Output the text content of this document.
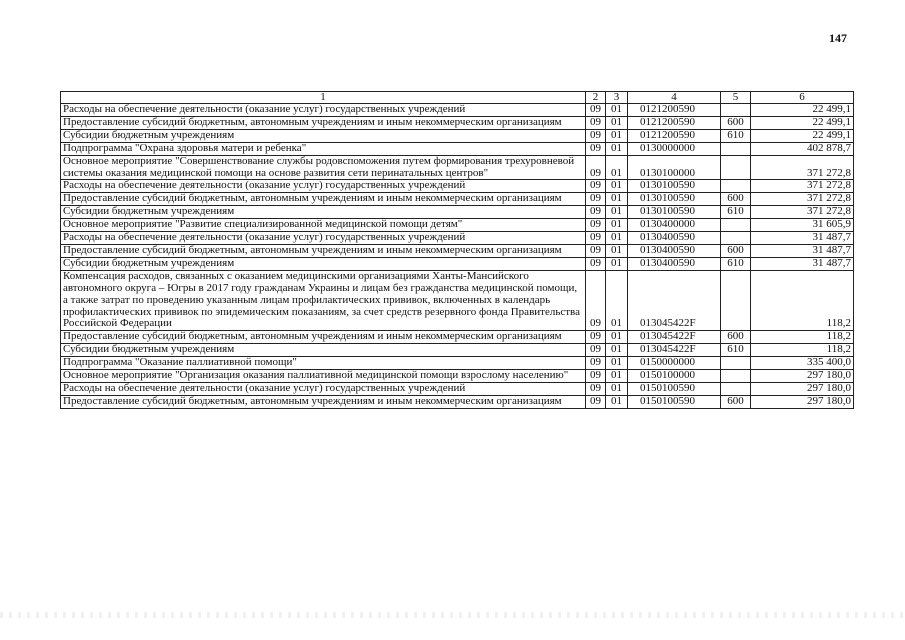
147
1	2	3	4	5	6
Расходы на обеспечение деятельности (оказание услуг) государственных учреждений	09	01	0121200590		22 499,1
Предоставление субсидий бюджетным, автономным учреждениям и иным некоммерческим организациям	09	01	0121200590	600	22 499,1
Субсидии бюджетным учреждениям	09	01	0121200590	610	22 499,1
Подпрограмма "Охрана здоровья матери и ребенка"	09	01	0130000000		402 878,7
Основное мероприятие "Совершенствование службы родовспоможения путем формирования трехуровневой системы оказания медицинской помощи на основе развития сети перинатальных центров"	09	01	0130100000		371 272,8
Расходы на обеспечение деятельности (оказание услуг) государственных учреждений	09	01	0130100590		371 272,8
Предоставление субсидий бюджетным, автономным учреждениям и иным некоммерческим организациям	09	01	0130100590	600	371 272,8
Субсидии бюджетным учреждениям	09	01	0130100590	610	371 272,8
Основное мероприятие "Развитие специализированной медицинской помощи детям"	09	01	0130400000		31 605,9
Расходы на обеспечение деятельности (оказание услуг) государственных учреждений	09	01	0130400590		31 487,7
Предоставление субсидий бюджетным, автономным учреждениям и иным некоммерческим организациям	09	01	0130400590	600	31 487,7
Субсидии бюджетным учреждениям	09	01	0130400590	610	31 487,7
Компенсация расходов, связанных с оказанием медицинскими организациями Ханты-Мансийского автономного округа – Югры в 2017 году гражданам Украины и лицам без гражданства медицинской помощи, а также затрат по проведению указанным лицам профилактических прививок, включенных в календарь профилактических прививок по эпидемическим показаниям, за счет средств резервного фонда Правительства Российской Федерации	09	01	013045422F		118,2
Предоставление субсидий бюджетным, автономным учреждениям и иным некоммерческим организациям	09	01	013045422F	600	118,2
Субсидии бюджетным учреждениям	09	01	013045422F	610	118,2
Подпрограмма "Оказание паллиативной помощи"	09	01	0150000000		335 400,0
Основное мероприятие "Организация оказания паллиативной медицинской помощи взрослому населению"	09	01	0150100000		297 180,0
Расходы на обеспечение деятельности (оказание услуг) государственных учреждений	09	01	0150100590		297 180,0
Предоставление субсидий бюджетным, автономным учреждениям и иным некоммерческим организациям	09	01	0150100590	600	297 180,0
